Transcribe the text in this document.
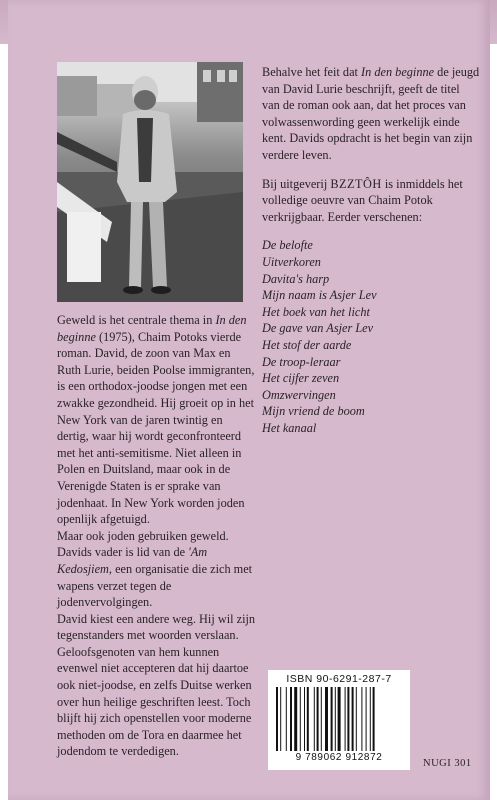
Behalve het feit dat In den beginne de jeugd van David Lurie beschrijft, geeft de titel van de roman ook aan, dat het proces van volwassenwording geen werkelijk einde kent. Davids opdracht is het begin van zijn verdere leven.

Bij uitgeverij BZZTÔH is inmiddels het volledige oeuvre van Chaim Potok verkrijgbaar. Eerder verschenen:

De belofte

Uitverkoren

Davita's harp

Mijn naam is Asjer Lev

Het boek van het licht

De gave van Asjer Lev

Het stof der aarde

De troop-leraar

Het cijfer zeven

Omzwervingen

Mijn vriend de boom

Het kanaal

Geweld is het centrale thema in In den beginne (1975), Chaim Potoks vierde roman. David, de zoon van Max en Ruth Lurie, beiden Poolse immigranten, is een orthodox-joodse jongen met een zwakke gezondheid. Hij groeit op in het New York van de jaren twintig en dertig, waar hij wordt geconfronteerd met het anti-semitisme. Niet alleen in Polen en Duitsland, maar ook in de Verenigde Staten is er sprake van jodenhaat. In New York worden joden openlijk afgetuigd.

Maar ook joden gebruiken geweld. Davids vader is lid van de 'Am Kedosjiem, een organisatie die zich met wapens verzet tegen de jodenvervolgingen.

David kiest een andere weg. Hij wil zijn tegenstanders met woorden verslaan. Geloofsgenoten van hem kunnen evenwel niet accepteren dat hij daartoe ook niet-joodse, en zelfs Duitse werken over hun heilige geschriften leest. Toch blijft hij zich openstellen voor moderne methoden om de Tora en daarmee het jodendom te verdedigen.

ISBN 90-6291-287-7
9 789062 912872
NUGI 301
